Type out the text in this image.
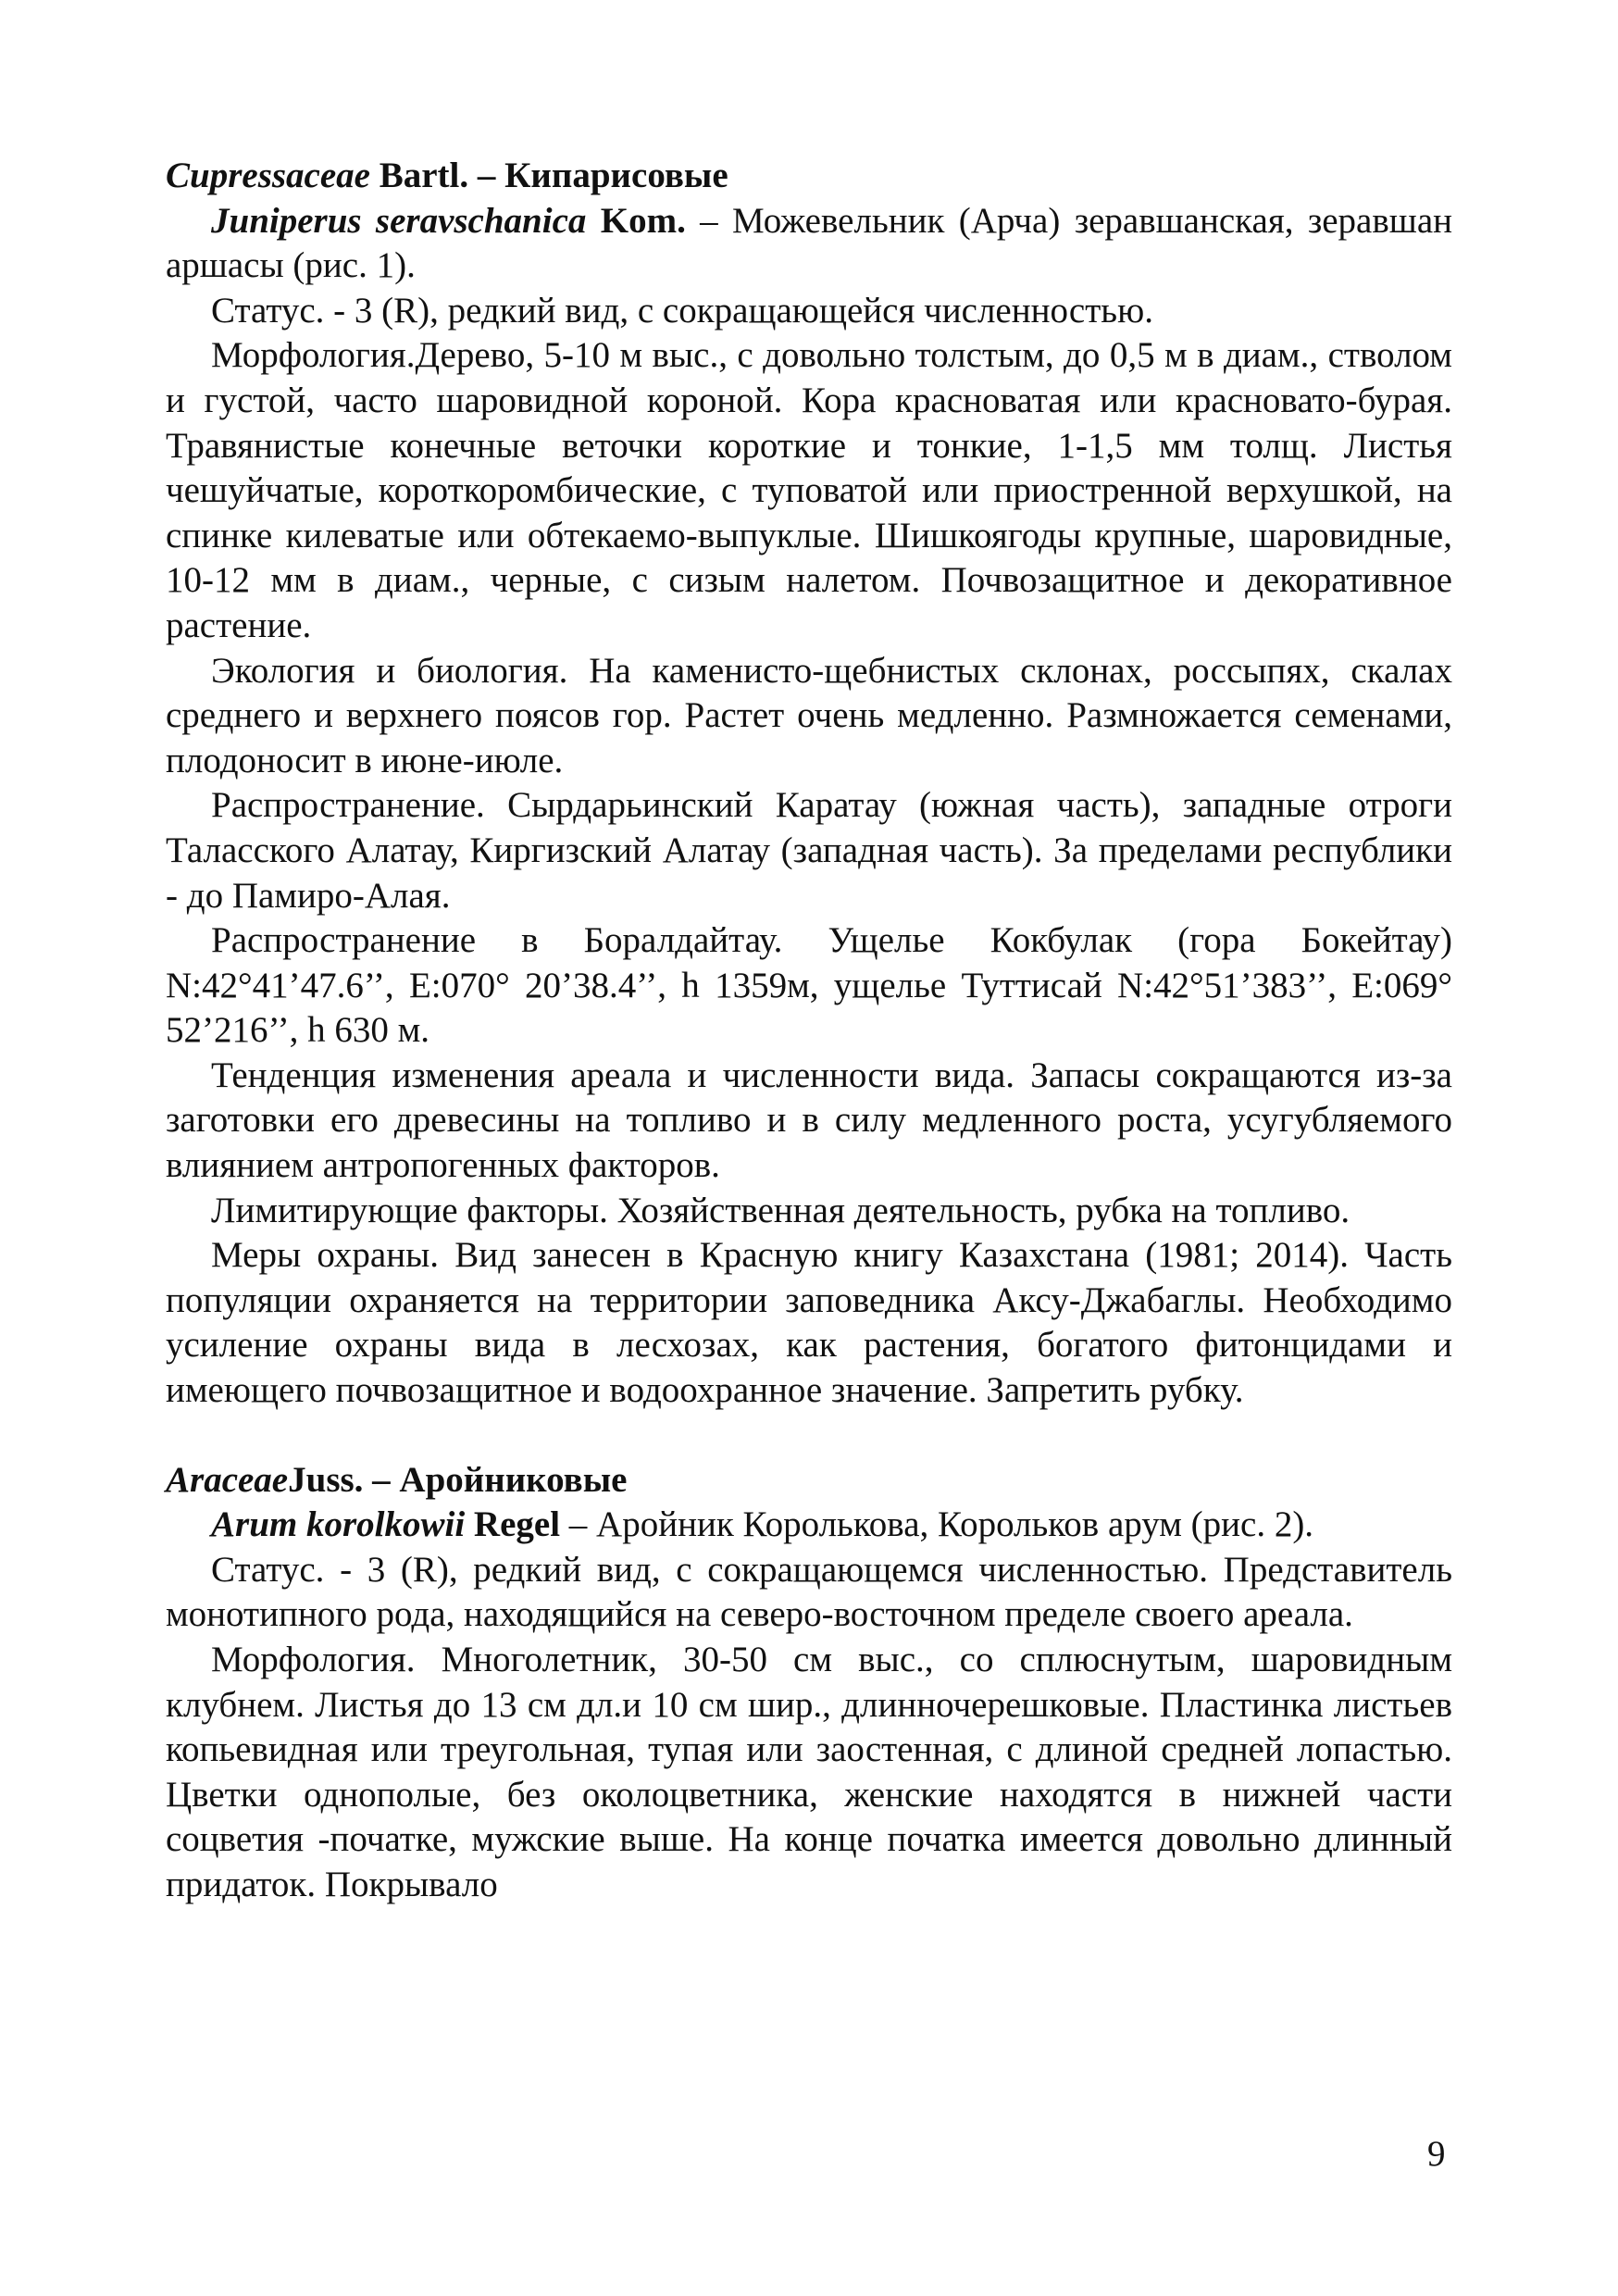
Cupressaceae Bartl. – Кипарисовые

Juniperus seravschanica Kom. – Можевельник (Арча) зеравшанская, зеравшан аршасы (рис. 1).

Статус. - 3 (R), редкий вид, с сокращающейся численностью.

Морфология.Дерево, 5-10 м выс., с довольно толстым, до 0,5 м в диам., стволом и густой, часто шаровидной короной. Кора красноватая или красновато-бурая. Травянистые конечные веточки короткие и тонкие, 1-1,5 мм толщ. Листья чешуйчатые, короткоромбические, с туповатой или приостренной верхушкой, на спинке килеватые или обтекаемо-выпуклые. Шишкоягоды крупные, шаровидные, 10-12 мм в диам., черные, с сизым налетом. Почвозащитное и декоративное растение.

Экология и биология. На каменисто-щебнистых склонах, россыпях, скалах среднего и верхнего поясов гор. Растет очень медленно. Размножается семенами, плодоносит в июне-июле.

Распространение. Сырдарьинский Каратау (южная часть), западные отроги Таласского Алатау, Киргизский Алатау (западная часть). За пределами республики - до Памиро-Алая.

Распространение в Боралдайтау. Ущелье Кокбулак (гора Бокейтау) N:42°41’47.6’’, E:070° 20’38.4’’, h 1359м, ущелье Туттисай N:42°51’383’’, E:069° 52’216’’, h 630 м.

Тенденция изменения ареала и численности вида. Запасы сокращаются из-за заготовки его древесины на топливо и в силу медленного роста, усугубляемого влиянием антропогенных факторов.

Лимитирующие факторы. Хозяйственная деятельность, рубка на топливо.

Меры охраны. Вид занесен в Красную книгу Казахстана (1981; 2014). Часть популяции охраняется на территории заповедника Аксу-Джабаглы. Необходимо усиление охраны вида в лесхозах, как растения, богатого фитонцидами и имеющего почвозащитное и водоохранное значение. Запретить рубку.

AraceaeJuss. – Аройниковые

Arum korolkowii Regel – Аройник Королькова, Корольков арум (рис. 2).

Статус. - 3 (R), редкий вид, с сокращающемся численностью. Представитель монотипного рода, находящийся на северо-восточном пределе своего ареала.

Морфология. Многолетник, 30-50 см выс., со сплюснутым, шаровидным клубнем. Листья до 13 см дл.и 10 см шир., длинночерешковые. Пластинка листьев копьевидная или треугольная, тупая или заостенная, с длиной средней лопастью. Цветки однополые, без околоцветника, женские находятся в нижней части соцветия -початке, мужские выше. На конце початка имеется довольно длинный придаток. Покрывало

9
